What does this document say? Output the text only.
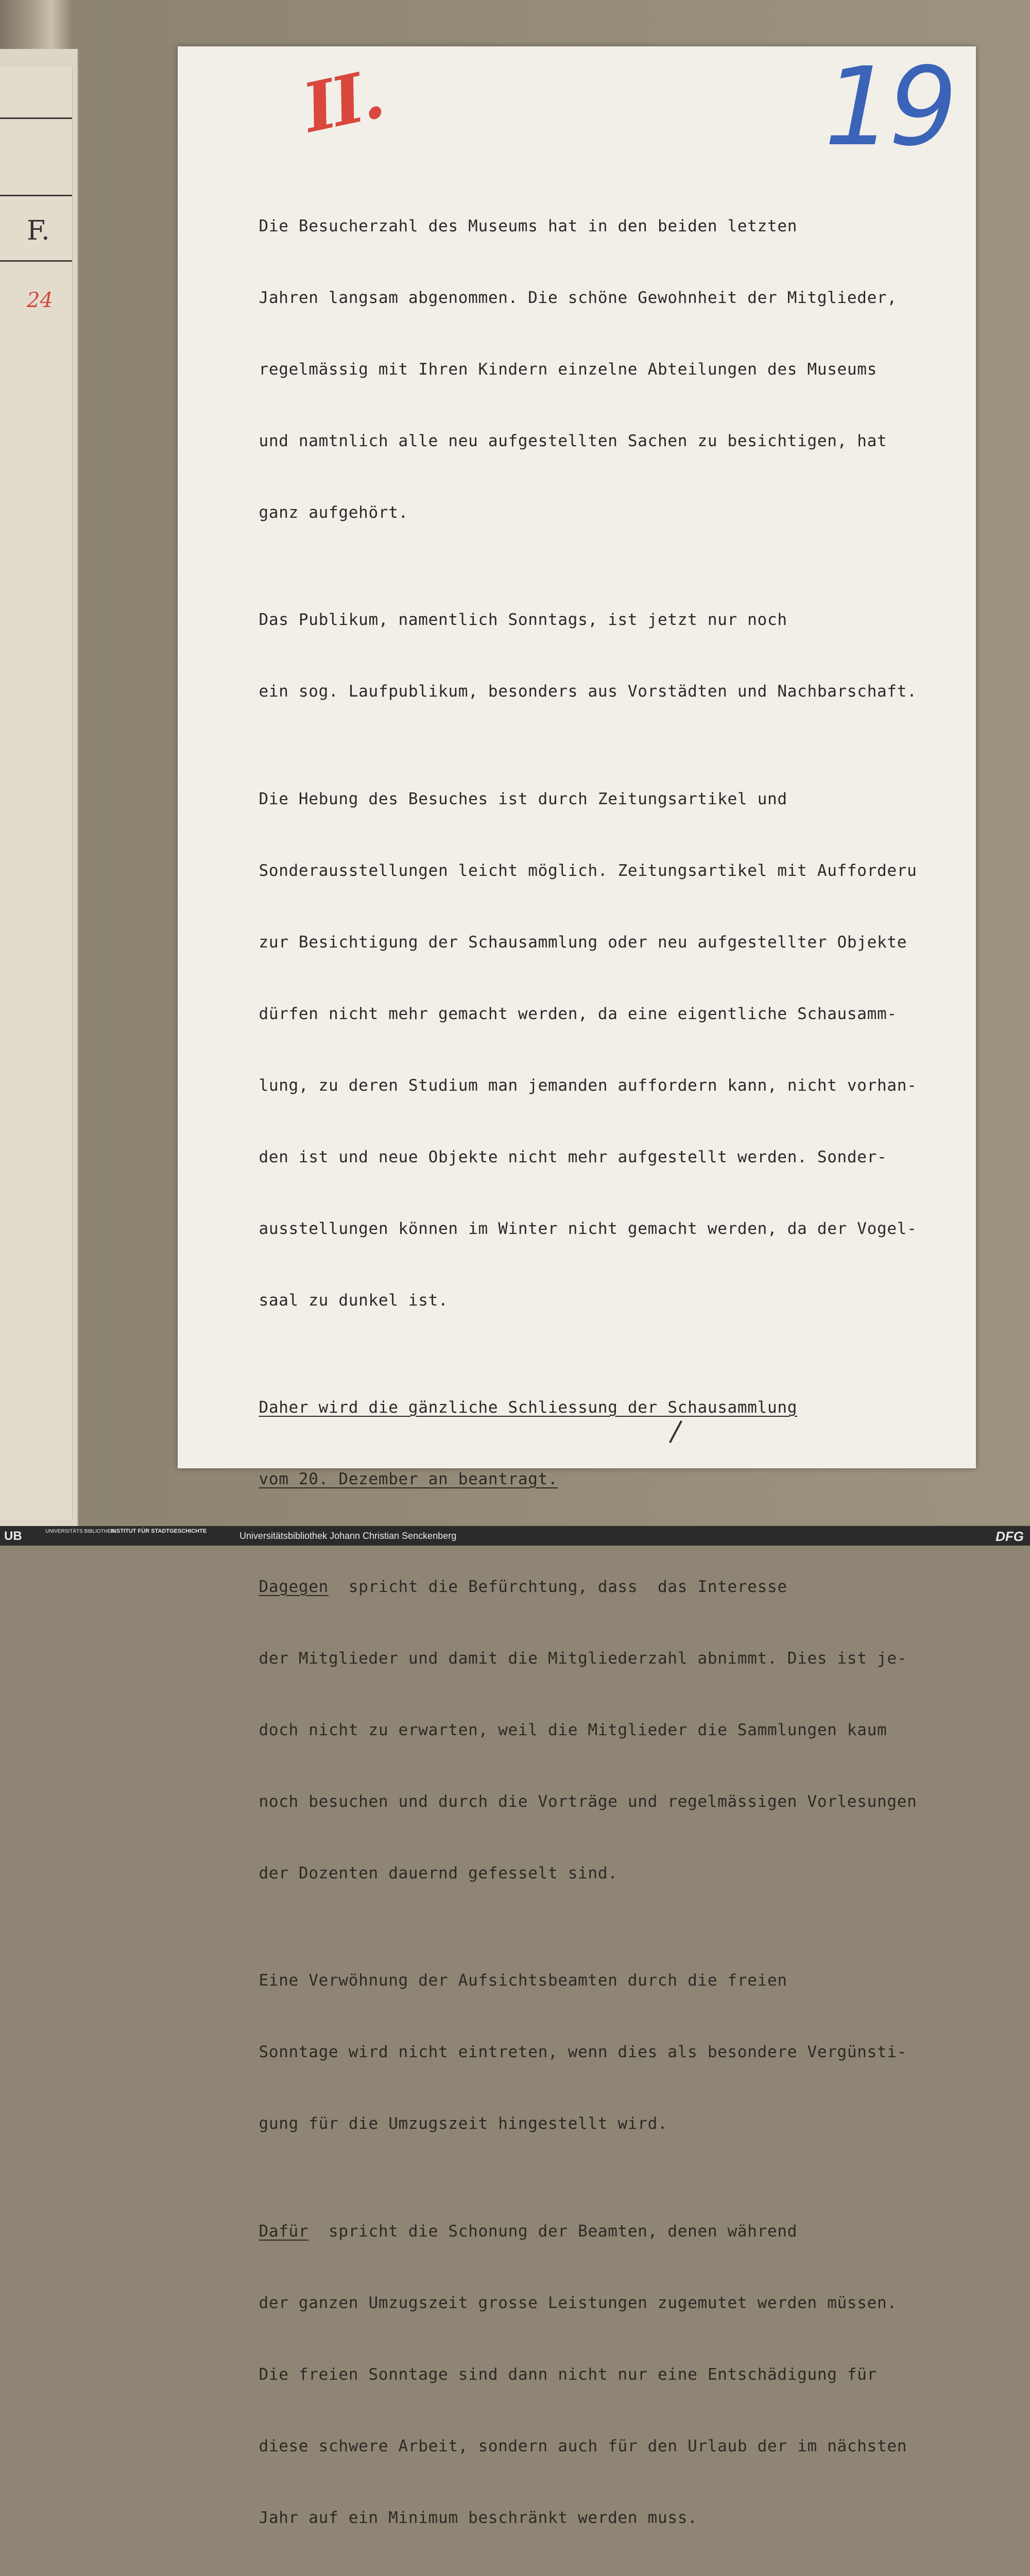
F.
24
II.	19

Die Besucherzahl des Museums hat in den beiden letzten

Jahren langsam abgenommen. Die schöne Gewohnheit der Mitglieder,

regelmässig mit Ihren Kindern einzelne Abteilungen des Museums

und namtnlich alle neu aufgestellten Sachen zu besichtigen, hat

ganz aufgehört.

Das Publikum, namentlich Sonntags, ist jetzt nur noch

ein sog. Laufpublikum, besonders aus Vorstädten und Nachbarschaft.

Die Hebung des Besuches ist durch Zeitungsartikel und

Sonderausstellungen leicht möglich. Zeitungsartikel mit Aufforderu

zur Besichtigung der Schausammlung oder neu aufgestellter Objekte

dürfen nicht mehr gemacht werden, da eine eigentliche Schausamm-

lung, zu deren Studium man jemanden auffordern kann, nicht vorhan-

den ist und neue Objekte nicht mehr aufgestellt werden. Sonder-

ausstellungen können im Winter nicht gemacht werden, da der Vogel-

saal zu dunkel ist.

Daher wird die gänzliche Schliessung der Schausammlung

vom 20. Dezember an beantragt.

Dagegen  spricht die Befürchtung, dass  das Interesse

der Mitglieder und damit die Mitgliederzahl abnimmt. Dies ist je-

doch nicht zu erwarten, weil die Mitglieder die Sammlungen kaum

noch besuchen und durch die Vorträge und regelmässigen Vorlesungen

der Dozenten dauernd gefesselt sind.

Eine Verwöhnung der Aufsichtsbeamten durch die freien

Sonntage wird nicht eintreten, wenn dies als besondere Vergünsti-

gung für die Umzugszeit hingestellt wird.

Dafür  spricht die Schonung der Beamten, denen während

der ganzen Umzugszeit grosse Leistungen zugemutet werden müssen.

Die freien Sonntage sind dann nicht nur eine Entschädigung für

diese schwere Arbeit, sondern auch für den Urlaub der im nächsten

Jahr auf ein Minimum beschränkt werden muss.

UB	UNIVERSITÄTS BIBLIOTHEK
INSTITUT FÜR STADTGESCHICHTE	Universitätsbibliothek Johann Christian Senckenberg	DFG
